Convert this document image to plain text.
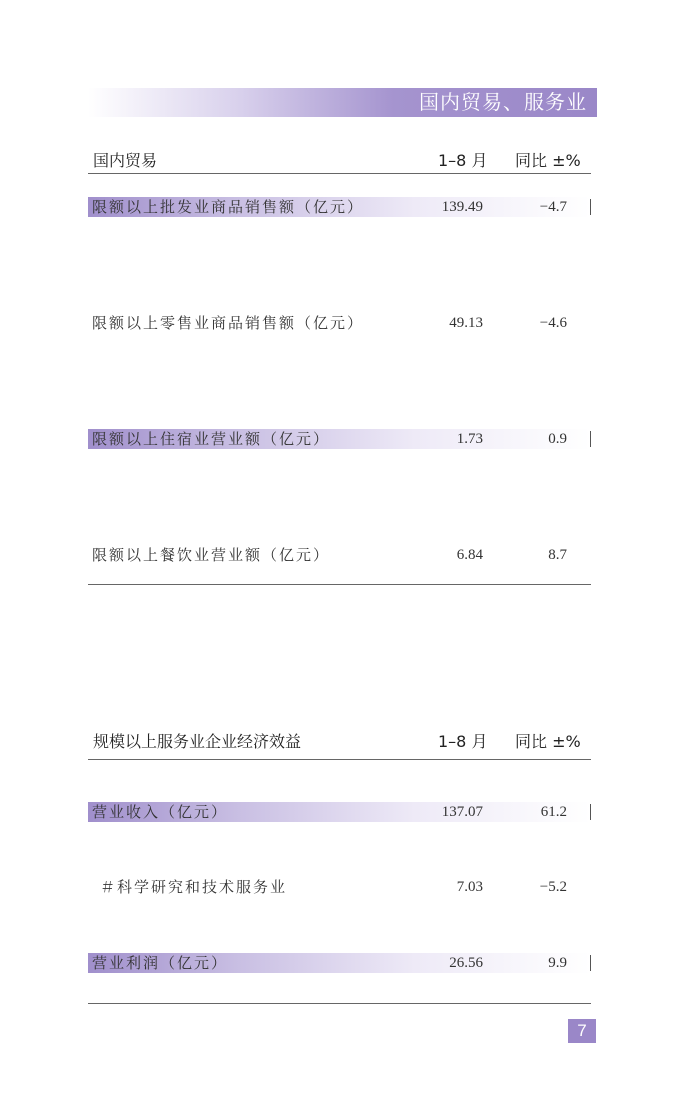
国内贸易、服务业
国内贸易	1–8 月 同比 ±%
限额以上批发业商品销售额（亿元）	139.49	−4.7
限额以上零售业商品销售额（亿元）	49.13	−4.6
限额以上住宿业营业额（亿元）	1.73	0.9
限额以上餐饮业营业额（亿元）	6.84	8.7
规模以上服务业企业经济效益	1–8 月 同比 ±%
营业收入（亿元）	137.07	61.2
＃科学研究和技术服务业	7.03	−5.2
营业利润（亿元）	26.56	9.9
7
